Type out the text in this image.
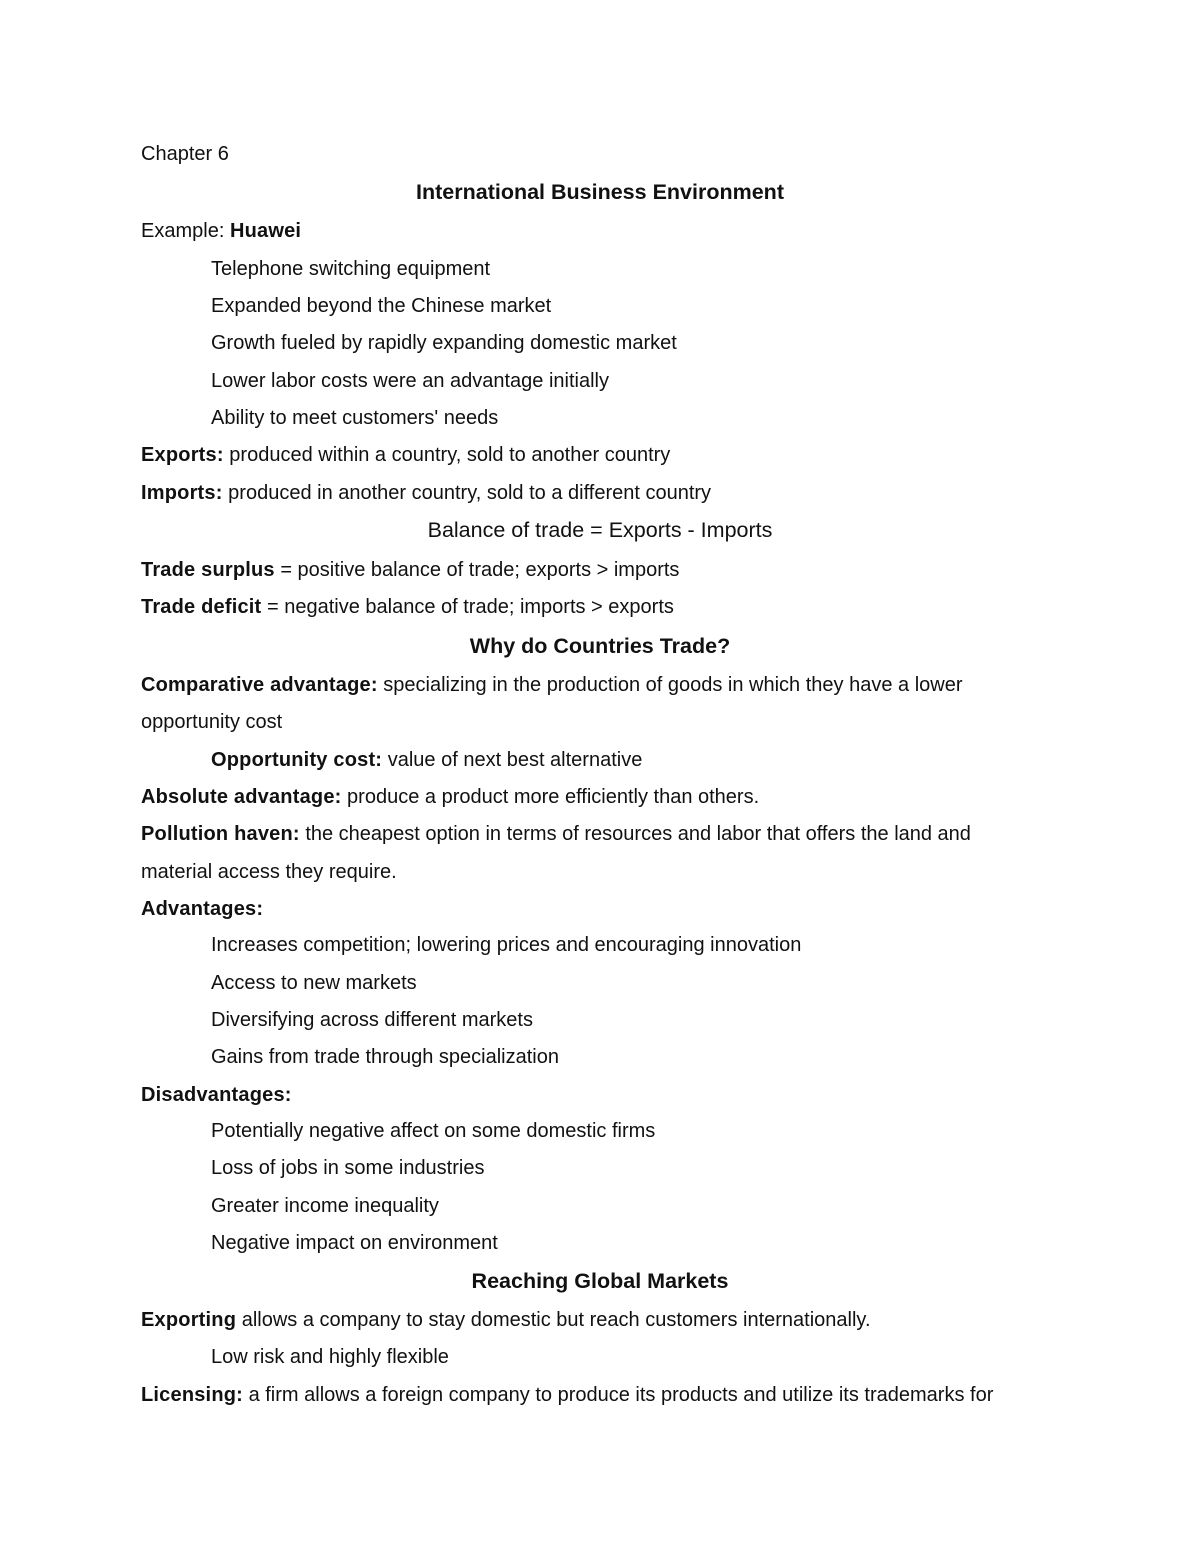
Chapter 6
International Business Environment
Example: Huawei
Telephone switching equipment
Expanded beyond the Chinese market
Growth fueled by rapidly expanding domestic market
Lower labor costs were an advantage initially
Ability to meet customers' needs
Exports: produced within a country, sold to another country
Imports: produced in another country, sold to a different country
Balance of trade = Exports - Imports
Trade surplus = positive balance of trade; exports > imports
Trade deficit = negative balance of trade; imports > exports
Why do Countries Trade?
Comparative advantage: specializing in the production of goods in which they have a lower
opportunity cost
Opportunity cost: value of next best alternative
Absolute advantage: produce a product more efficiently than others.
Pollution haven: the cheapest option in terms of resources and labor that offers the land and
material access they require.
Advantages:
Increases competition; lowering prices and encouraging innovation
Access to new markets
Diversifying across different markets
Gains from trade through specialization
Disadvantages:
Potentially negative affect on some domestic firms
Loss of jobs in some industries
Greater income inequality
Negative impact on environment
Reaching Global Markets
Exporting allows a company to stay domestic but reach customers internationally.
Low risk and highly flexible
Licensing: a firm allows a foreign company to produce its products and utilize its trademarks for
